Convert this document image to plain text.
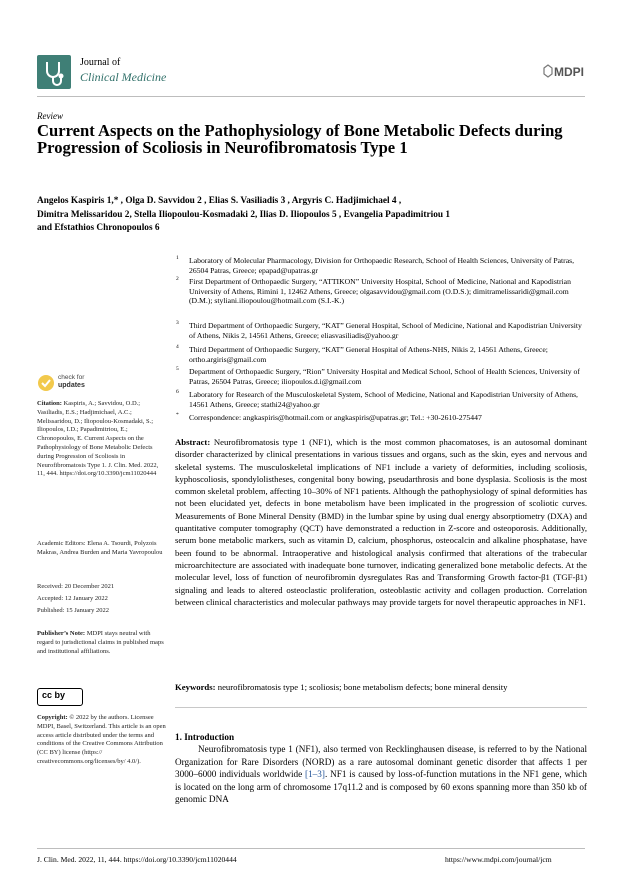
Journal of
Clinical Medicine	MDPI
Review
Current Aspects on the Pathophysiology of Bone Metabolic Defects during Progression of Scoliosis in Neurofibromatosis Type 1
Angelos Kaspiris 1,* , Olga D. Savvidou 2 , Elias S. Vasiliadis 3 , Argyris C. Hadjimichael 4 ,
Dimitra Melissaridou 2, Stella Iliopoulou-Kosmadaki 2, Ilias D. Iliopoulos 5 , Evangelia Papadimitriou 1
and Efstathios Chronopoulos 6
1 Laboratory of Molecular Pharmacology, Division for Orthopaedic Research, School of Health Sciences, University of Patras, 26504 Patras, Greece; epapad@upatras.gr
2 First Department of Orthopaedic Surgery, “ATTIKON” University Hospital, School of Medicine, National and Kapodistrian University of Athens, Rimini 1, 12462 Athens, Greece; olgasavvidou@gmail.com (O.D.S.); dimitramelissaridi@gmail.com (D.M.); styliani.iliopoulou@hotmail.com (S.I.-K.)
3 Third Department of Orthopaedic Surgery, “KAT” General Hospital, School of Medicine, National and Kapodistrian University of Athens, Nikis 2, 14561 Athens, Greece; eliasvasiliadis@yahoo.gr
4 Third Department of Orthopaedic Surgery, “KAT” General Hospital of Athens-NHS, Nikis 2, 14561 Athens, Greece; ortho.argiris@gmail.com
5 Department of Orthopaedic Surgery, “Rion” University Hospital and Medical School, School of Health Sciences, University of Patras, 26504 Patras, Greece; iliopoulos.d.i@gmail.com
6 Laboratory for Research of the Musculoskeletal System, School of Medicine, National and Kapodistrian University of Athens, 14561 Athens, Greece; stathi24@yahoo.gr
* Correspondence: angkaspiris@hotmail.com or angkaspiris@upatras.gr; Tel.: +30-2610-275447
Abstract: Neurofibromatosis type 1 (NF1), which is the most common phacomatoses, is an autosomal dominant disorder characterized by clinical presentations in various tissues and organs, such as the skin, eyes and nervous and skeletal systems. The musculoskeletal implications of NF1 include a variety of deformities, including scoliosis, kyphoscoliosis, spondylolistheses, congenital bony bowing, pseudarthrosis and bone dysplasia. Scoliosis is the most common skeletal problem, affecting 10–30% of NF1 patients. Although the pathophysiology of spinal deformities has not been elucidated yet, defects in bone metabolism have been implicated in the progression of scoliotic curves. Measurements of Bone Mineral Density (BMD) in the lumbar spine by using dual energy absorptiometry (DXA) and quantitative computer tomography (QCT) have demonstrated a reduction in Z-score and osteoporosis. Additionally, serum bone metabolic markers, such as vitamin D, calcium, phosphorus, osteocalcin and alkaline phosphatase, have been found to be abnormal. Intraoperative and histological analysis confirmed that alterations of the trabecular microarchitecture are associated with inadequate bone turnover, indicating generalized bone metabolic defects. At the molecular level, loss of function of neurofibromin dysregulates Ras and Transforming Growth factor-β1 (TGF-β1) signaling and leads to altered osteoclastic proliferation, osteoblastic activity and collagen production. Correlation between clinical characteristics and molecular pathways may provide targets for novel therapeutic approaches in NF1.
Keywords: neurofibromatosis type 1; scoliosis; bone metabolism defects; bone mineral density
1. Introduction

Neurofibromatosis type 1 (NF1), also termed von Recklinghausen disease, is referred to by the National Organization for Rare Disorders (NORD) as a rare autosomal dominant genetic disorder that affects 1 per 3000–6000 individuals worldwide [1–3]. NF1 is caused by loss-of-function mutations in the NF1 gene, which is located on the long arm of chromosome 17q11.2 and is composed by 60 exons spanning more than 350 kb of genomic DNA

check for
updates
Citation: Kaspiris, A.; Savvidou, O.D.; Vasiliadis, E.S.; Hadjimichael, A.C.; Melissaridou, D.; Iliopoulou-Kosmadaki, S.; Iliopoulos, I.D.; Papadimitriou, E.; Chronopoulos, E. Current Aspects on the Pathophysiology of Bone Metabolic Defects during Progression of Scoliosis in Neurofibromatosis Type 1. J. Clin. Med. 2022, 11, 444. https://doi.org/10.3390/jcm11020444
Academic Editors: Elena A. Tsourdi, Polyzois Makras, Andrea Burden and Maria Yavropoulou
Received: 20 December 2021
Accepted: 12 January 2022
Published: 15 January 2022
Publisher’s Note: MDPI stays neutral with regard to jurisdictional claims in published maps and institutional affiliations.
cc by
Copyright: © 2022 by the authors. Licensee MDPI, Basel, Switzerland. This article is an open access article distributed under the terms and conditions of the Creative Commons Attribution (CC BY) license (https:// creativecommons.org/licenses/by/ 4.0/).
J. Clin. Med. 2022, 11, 444. https://doi.org/10.3390/jcm11020444	https://www.mdpi.com/journal/jcm
